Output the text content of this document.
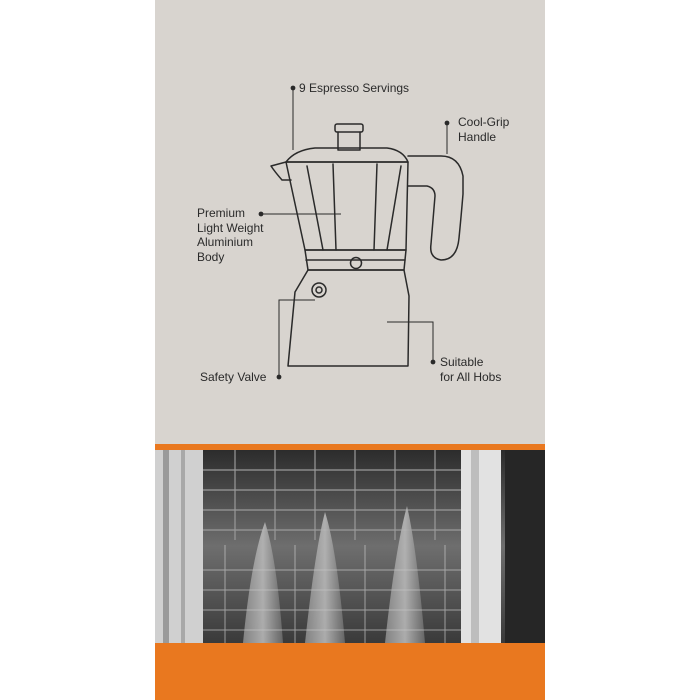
9 Espresso Servings
Cool-Grip
Handle
Premium
Light Weight
Aluminium
Body
Safety Valve
Suitable
for All Hobs
